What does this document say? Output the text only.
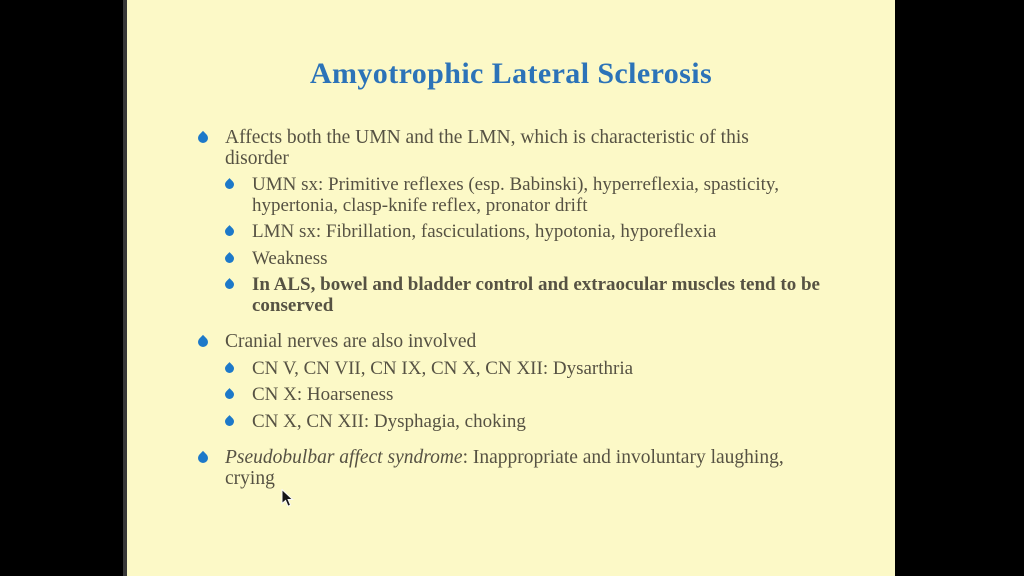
Amyotrophic Lateral Sclerosis
Affects both the UMN and the LMN, which is characteristic of this disorder
UMN sx: Primitive reflexes (esp. Babinski), hyperreflexia, spasticity, hypertonia, clasp-knife reflex, pronator drift
LMN sx: Fibrillation, fasciculations, hypotonia, hyporeflexia
Weakness
In ALS, bowel and bladder control and extraocular muscles tend to be conserved
Cranial nerves are also involved
CN V, CN VII, CN IX, CN X, CN XII: Dysarthria
CN X: Hoarseness
CN X, CN XII: Dysphagia, choking
Pseudobulbar affect syndrome: Inappropriate and involuntary laughing, crying
